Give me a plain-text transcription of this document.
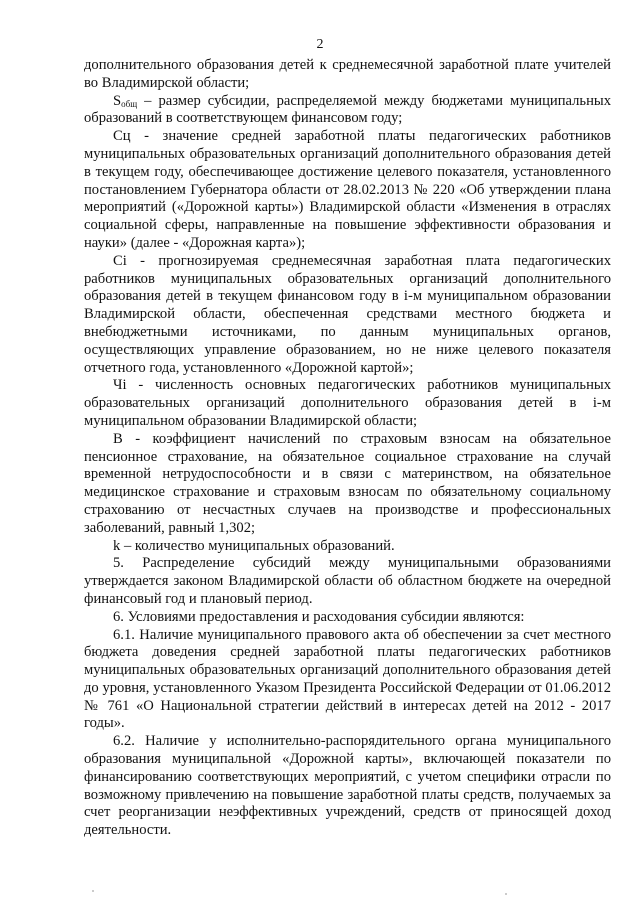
2

дополнительного образования детей к среднемесячной заработной плате учителей во Владимирской области;

$S_{общ}$ – размер субсидии, распределяемой между бюджетами муниципальных образований в соответствующем финансовом году;

Сц - значение средней заработной платы педагогических работников муниципальных образовательных организаций дополнительного образования детей в текущем году, обеспечивающее достижение целевого показателя, установленного постановлением Губернатора области от 28.02.2013 № 220 «Об утверждении плана мероприятий («Дорожной карты») Владимирской области «Изменения в отраслях социальной сферы, направленные на повышение эффективности образования и науки» (далее - «Дорожная карта»);

Сі - прогнозируемая среднемесячная заработная плата педагогических работников муниципальных образовательных организаций дополнительного образования детей в текущем финансовом году в і-м муниципальном образовании Владимирской области, обеспеченная средствами местного бюджета и внебюджетными источниками, по данным муниципальных органов, осуществляющих управление образованием, но не ниже целевого показателя отчетного года, установленного «Дорожной картой»;

Чі - численность основных педагогических работников муниципальных образовательных организаций дополнительного образования детей в і-м муниципальном образовании Владимирской области;

В - коэффициент начислений по страховым взносам на обязательное пенсионное страхование, на обязательное социальное страхование на случай временной нетрудоспособности и в связи с материнством, на обязательное медицинское страхование и страховым взносам по обязательному социальному страхованию от несчастных случаев на производстве и профессиональных заболеваний, равный 1,302;

k – количество муниципальных образований.

5. Распределение субсидий между муниципальными образованиями утверждается законом Владимирской области об областном бюджете на очередной финансовый год и плановый период.

6. Условиями предоставления и расходования субсидии являются:

6.1. Наличие муниципального правового акта об обеспечении за счет местного бюджета доведения средней заработной платы педагогических работников муниципальных образовательных организаций дополнительного образования детей до уровня, установленного Указом Президента Российской Федерации от 01.06.2012 № 761 «О Национальной стратегии действий в интересах детей на 2012 - 2017 годы».

6.2. Наличие у исполнительно-распорядительного органа муниципального образования муниципальной «Дорожной карты», включающей показатели по финансированию соответствующих мероприятий, с учетом специфики отрасли по возможному привлечению на повышение заработной платы средств, получаемых за счет реорганизации неэффективных учреждений, средств от приносящей доход деятельности.
